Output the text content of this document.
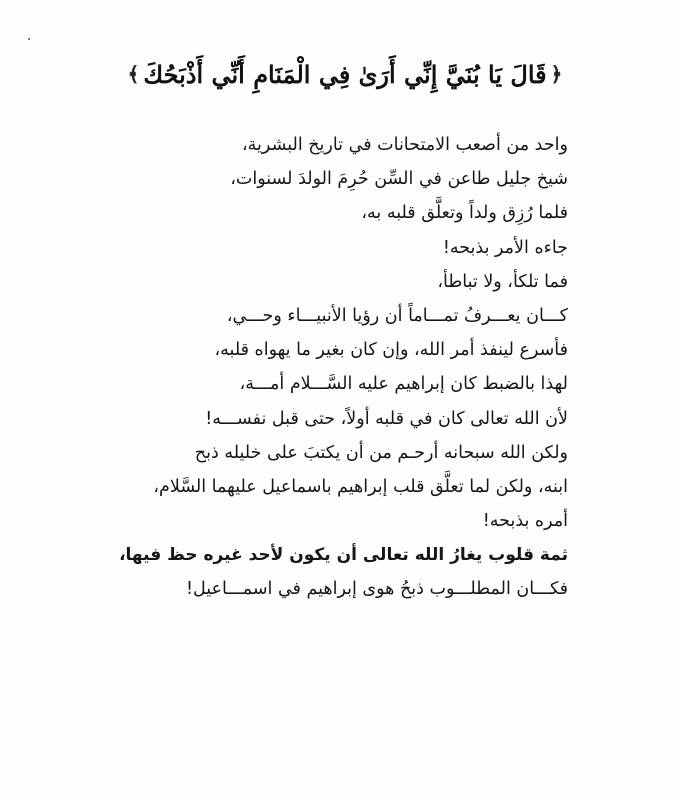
﴿
قَالَ يَا بُنَيَّ إِنِّي أَرَىٰ فِي الْمَنَامِ أَنِّي أَذْبَحُكَ
﴾
واحد من أصعب الامتحانات في تاريخ البشرية،
شيخ جليل طاعن في السِّن حُرِمَ الولدَ لسنوات،
فلما رُزِق ولداً وتعلَّق قلبه به،
جاءه الأمر بذبحه!
فما تلكأ، ولا تباطأ،
كـــان يعـــرفُ تمـــاماً أن رؤيا الأنبيـــاء وحـــي،
فأسرع لينفذ أمر الله، وإن كان بغير ما يهواه قلبه،
لهذا بالضبط كان إبراهيم عليه السَّـــلام أمـــة،
لأن الله تعالى كان في قلبه أولاً، حتى قبل نفســـه!
ولكن الله سبحانه أرحـم من أن يكتبَ على خليله ذبح
ابنه، ولكن لما تعلَّق قلب إبراهيم باسماعيل عليهما السَّلام،
أمره بذبحه!
ثمة قلوب يغارُ الله تعالى أن يكون لأحد غيره حظ فيها،
فكـــان المطلـــوب ذبحُ هوى إبراهيم في اسمـــاعيل!
